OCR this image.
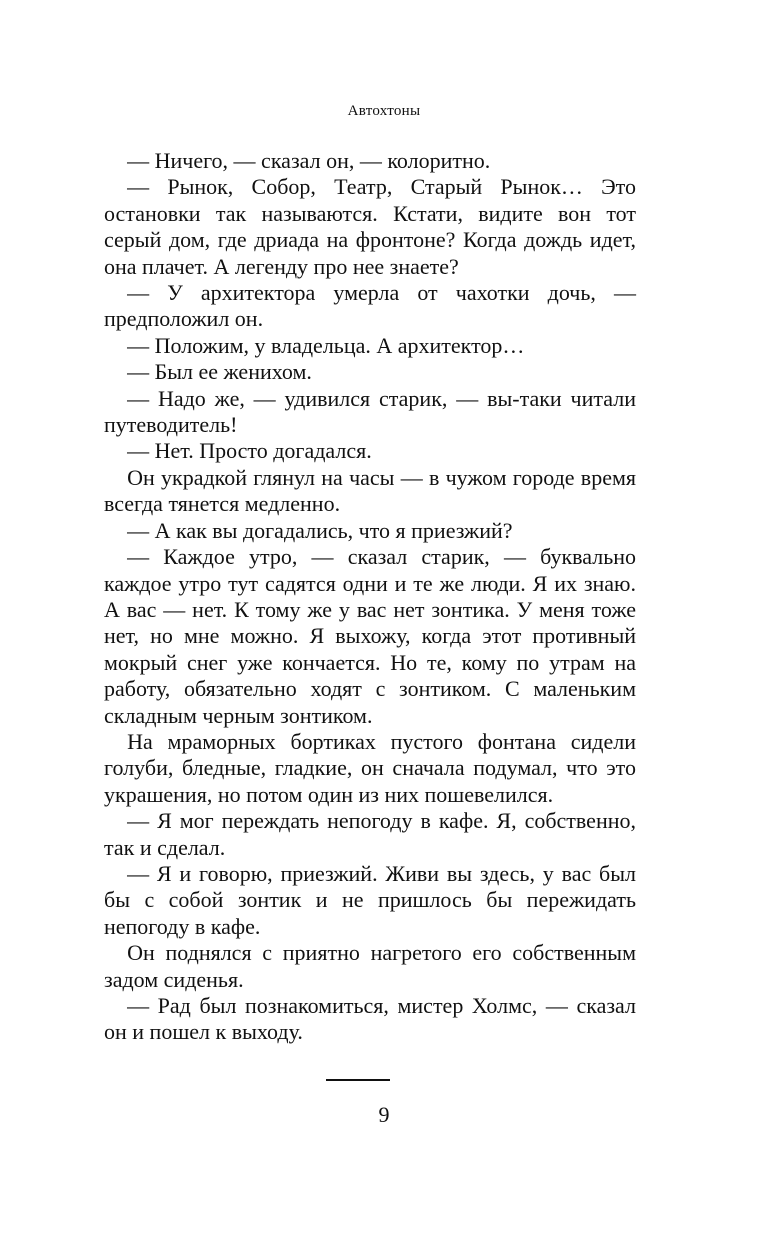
Автохтоны

— Ничего, — сказал он, — колоритно.

— Рынок, Собор, Театр, Старый Рынок… Это остановки так называются. Кстати, видите вон тот серый дом, где дриада на фронтоне? Когда дождь идет, она плачет. А легенду про нее знаете?

— У архитектора умерла от чахотки дочь, — предположил он.

— Положим, у владельца. А архитектор…

— Был ее женихом.

— Надо же, — удивился старик, — вы-таки читали путеводитель!

— Нет. Просто догадался.

Он украдкой глянул на часы — в чужом городе время всегда тянется медленно.

— А как вы догадались, что я приезжий?

— Каждое утро, — сказал старик, — буквально каждое утро тут садятся одни и те же люди. Я их знаю. А вас — нет. К тому же у вас нет зонтика. У меня тоже нет, но мне можно. Я выхожу, когда этот противный мокрый снег уже кончается. Но те, кому по утрам на работу, обязательно ходят с зонтиком. С маленьким складным черным зонтиком.

На мраморных бортиках пустого фонтана сидели голуби, бледные, гладкие, он сначала подумал, что это украшения, но потом один из них пошевелился.

— Я мог переждать непогоду в кафе. Я, собственно, так и сделал.

— Я и говорю, приезжий. Живи вы здесь, у вас был бы с собой зонтик и не пришлось бы пережидать непогоду в кафе.

Он поднялся с приятно нагретого его собственным задом сиденья.

— Рад был познакомиться, мистер Холмс, — сказал он и пошел к выходу.

9
